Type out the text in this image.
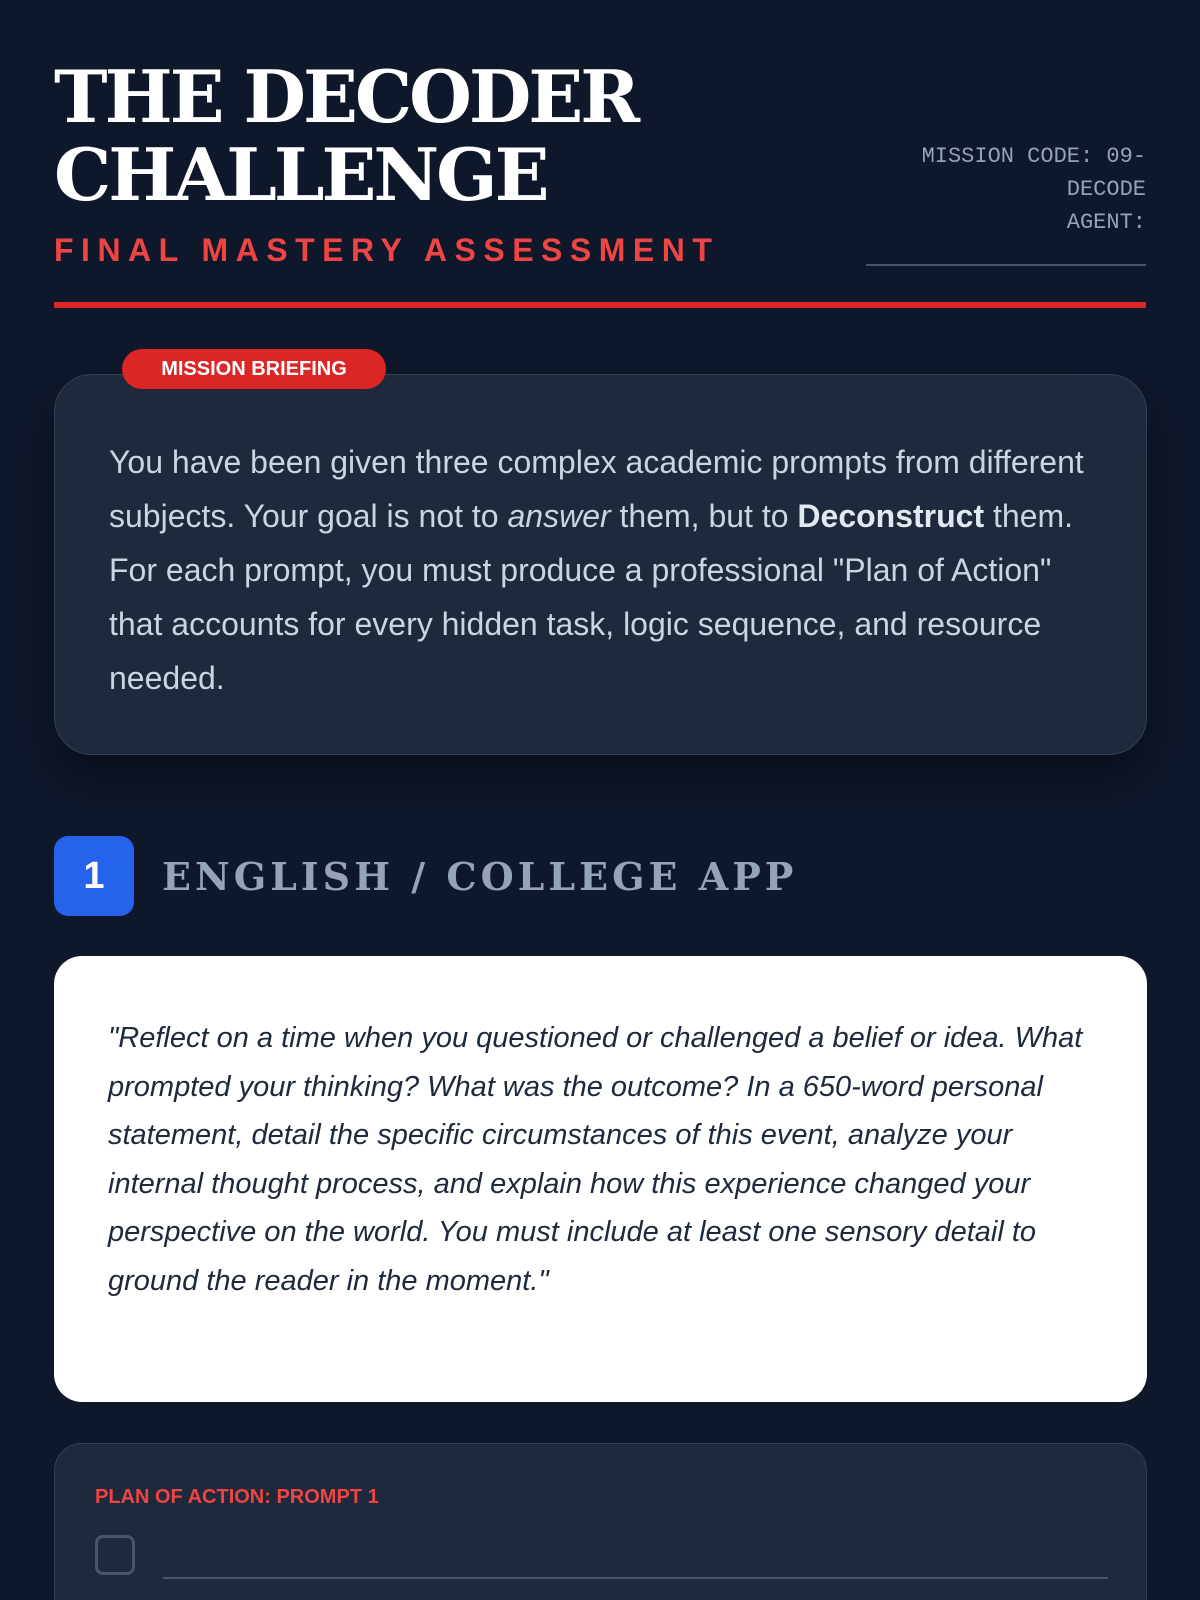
THE DECODER
CHALLENGE
FINAL MASTERY ASSESSMENT
MISSION CODE: 09-
DECODE
AGENT:
MISSION BRIEFING

You have been given three complex academic prompts from different subjects. Your goal is not to answer them, but to Deconstruct them. For each prompt, you must produce a professional "Plan of Action" that accounts for every hidden task, logic sequence, and resource needed.

1	ENGLISH / COLLEGE APP

"Reflect on a time when you questioned or challenged a belief or idea. What prompted your thinking? What was the outcome? In a 650-word personal statement, detail the specific circumstances of this event, analyze your internal thought process, and explain how this experience changed your perspective on the world. You must include at least one sensory detail to ground the reader in the moment."

PLAN OF ACTION: PROMPT 1
